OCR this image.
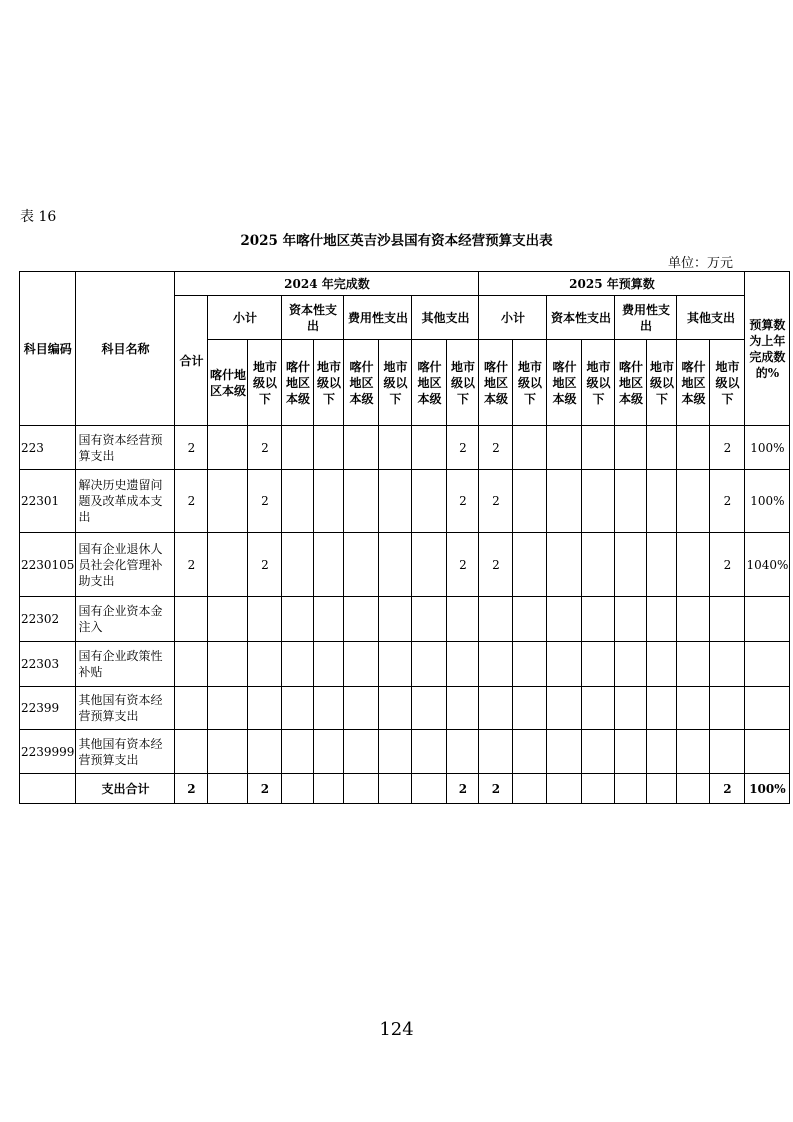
表 16
2025 年喀什地区英吉沙县国有资本经营预算支出表
单位：万元
科目编码	科目名称	2024 年完成数									2025 年预算数								预算数为上年完成数的%
		合计	小计		资本性支出		费用性支出		其他支出		小计		资本性支出		费用性支出		其他支出		
			喀什地区本级	地市级以下	喀什地区本级	地市级以下	喀什地区本级	地市级以下	喀什地区本级	地市级以下	喀什地区本级	地市级以下	喀什地区本级	地市级以下	喀什地区本级	地市级以下	喀什地区本级	地市级以下	
223	国有资本经营预算支出	2		2						2	2							2	100%
22301	解决历史遗留问题及改革成本支出	2		2						2	2							2	100%
2230105	国有企业退休人员社会化管理补助支出	2		2						2	2							2	1040%
22302	国有企业资本金注入																		
22303	国有企业政策性补贴																		
22399	其他国有资本经营预算支出																		
2239999	其他国有资本经营预算支出																		
	支出合计	2		2						2	2							2	100%
124
